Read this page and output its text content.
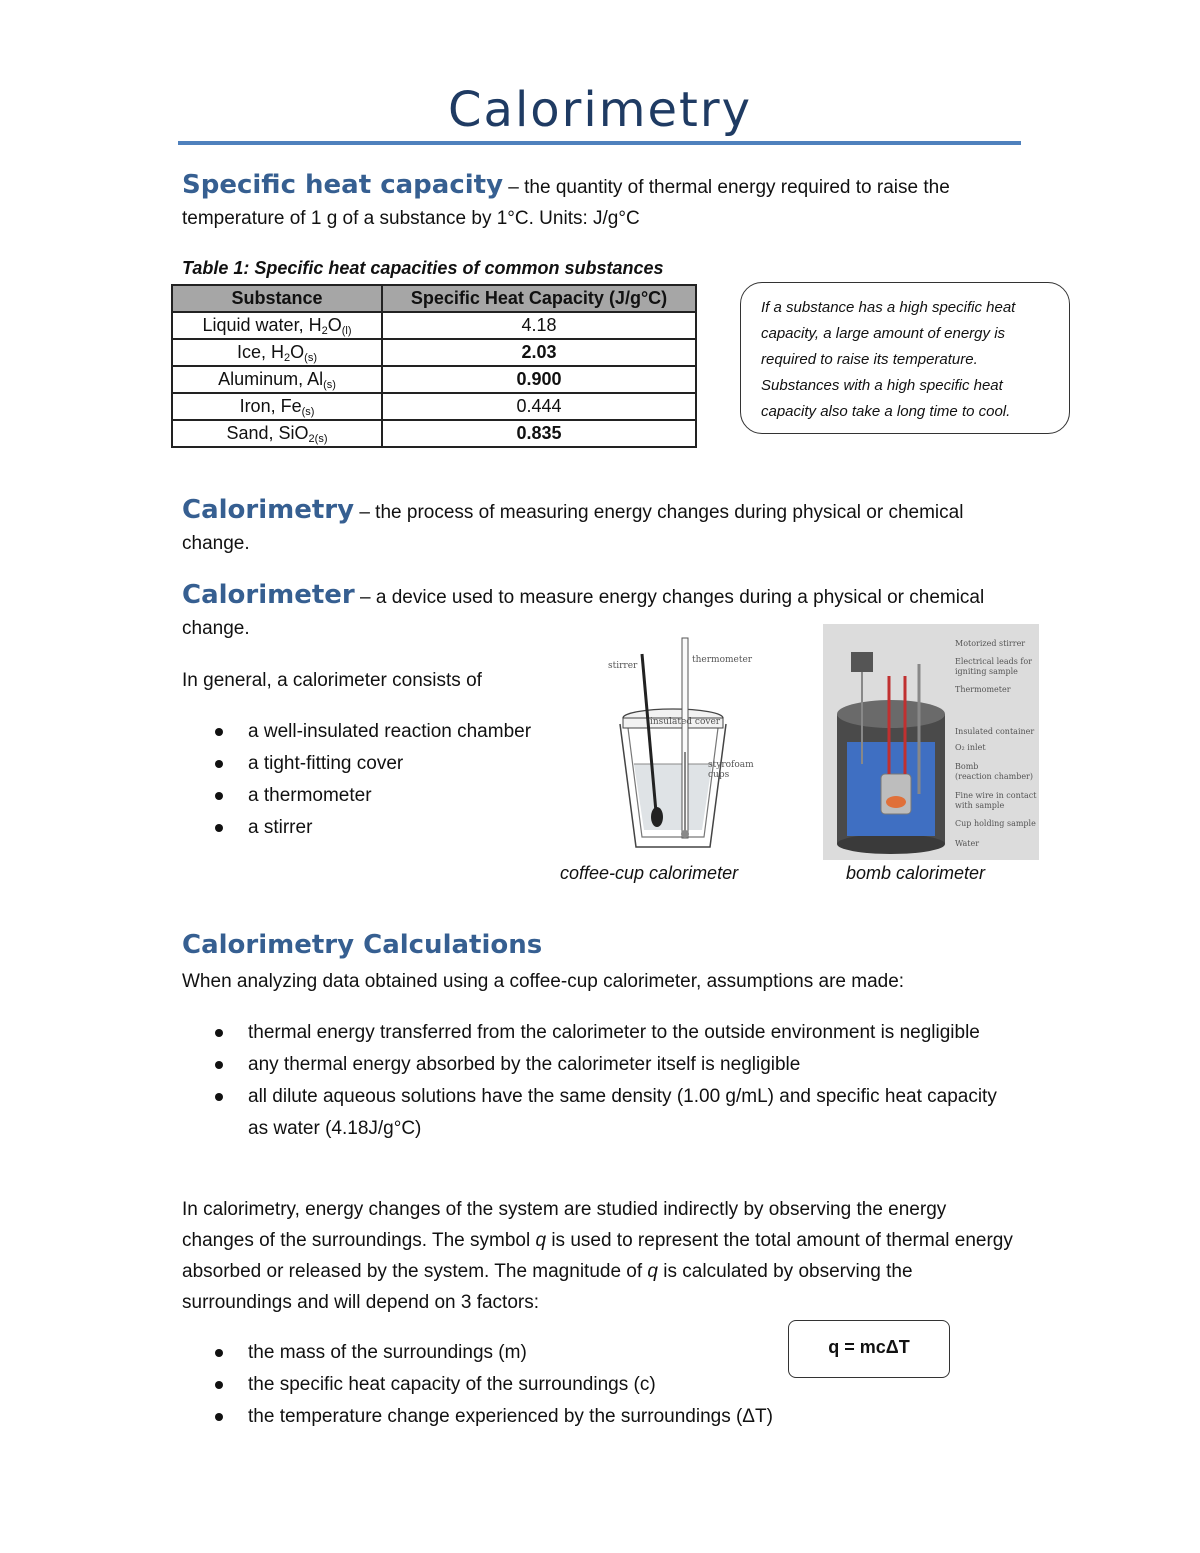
Calorimetry
Specific heat capacity – the quantity of thermal energy required to raise the
temperature of 1 g of a substance by 1°C. Units: J/g°C
Table 1: Specific heat capacities of common substances
Substance	Specific Heat Capacity (J/g°C)
Liquid water, $H_2O_{(l)}$	4.18
Ice, $H_2O_{(s)}$	2.03
Aluminum, $Al_{(s)}$	0.900
Iron, $Fe_{(s)}$	0.444
Sand, SiO$_{2(s)}$	0.835
If a substance has a high specific heat capacity, a large amount of energy is required to raise its temperature. Substances with a high specific heat capacity also take a long time to cool.
Calorimetry – the process of measuring energy changes during physical or chemical
change.
Calorimeter – a device used to measure energy changes during a physical or chemical
change.
In general, a calorimeter consists of
a well-insulated reaction chamber
a tight-fitting cover
a thermometer
a stirrer
stirrer
thermometer
insulated cover
styrofoam
cups
coffee-cup calorimeter
Motorized stirrer
Electrical leads for
igniting sample
Thermometer
Insulated container
O₂ inlet
Bomb
(reaction chamber)
Fine wire in contact
with sample
Cup holding sample
Water
bomb calorimeter
Calorimetry Calculations
When analyzing data obtained using a coffee-cup calorimeter, assumptions are made:
thermal energy transferred from the calorimeter to the outside environment is negligible
any thermal energy absorbed by the calorimeter itself is negligible
all dilute aqueous solutions have the same density (1.00 g/mL) and specific heat capacity as water (4.18J/g°C)
In calorimetry, energy changes of the system are studied indirectly by observing the energy changes of the surroundings. The symbol q is used to represent the total amount of thermal energy absorbed or released by the system. The magnitude of q is calculated by observing the surroundings and will depend on 3 factors:
the mass of the surroundings (m)
the specific heat capacity of the surroundings (c)
the temperature change experienced by the surroundings (ΔT)
q = mcΔT
